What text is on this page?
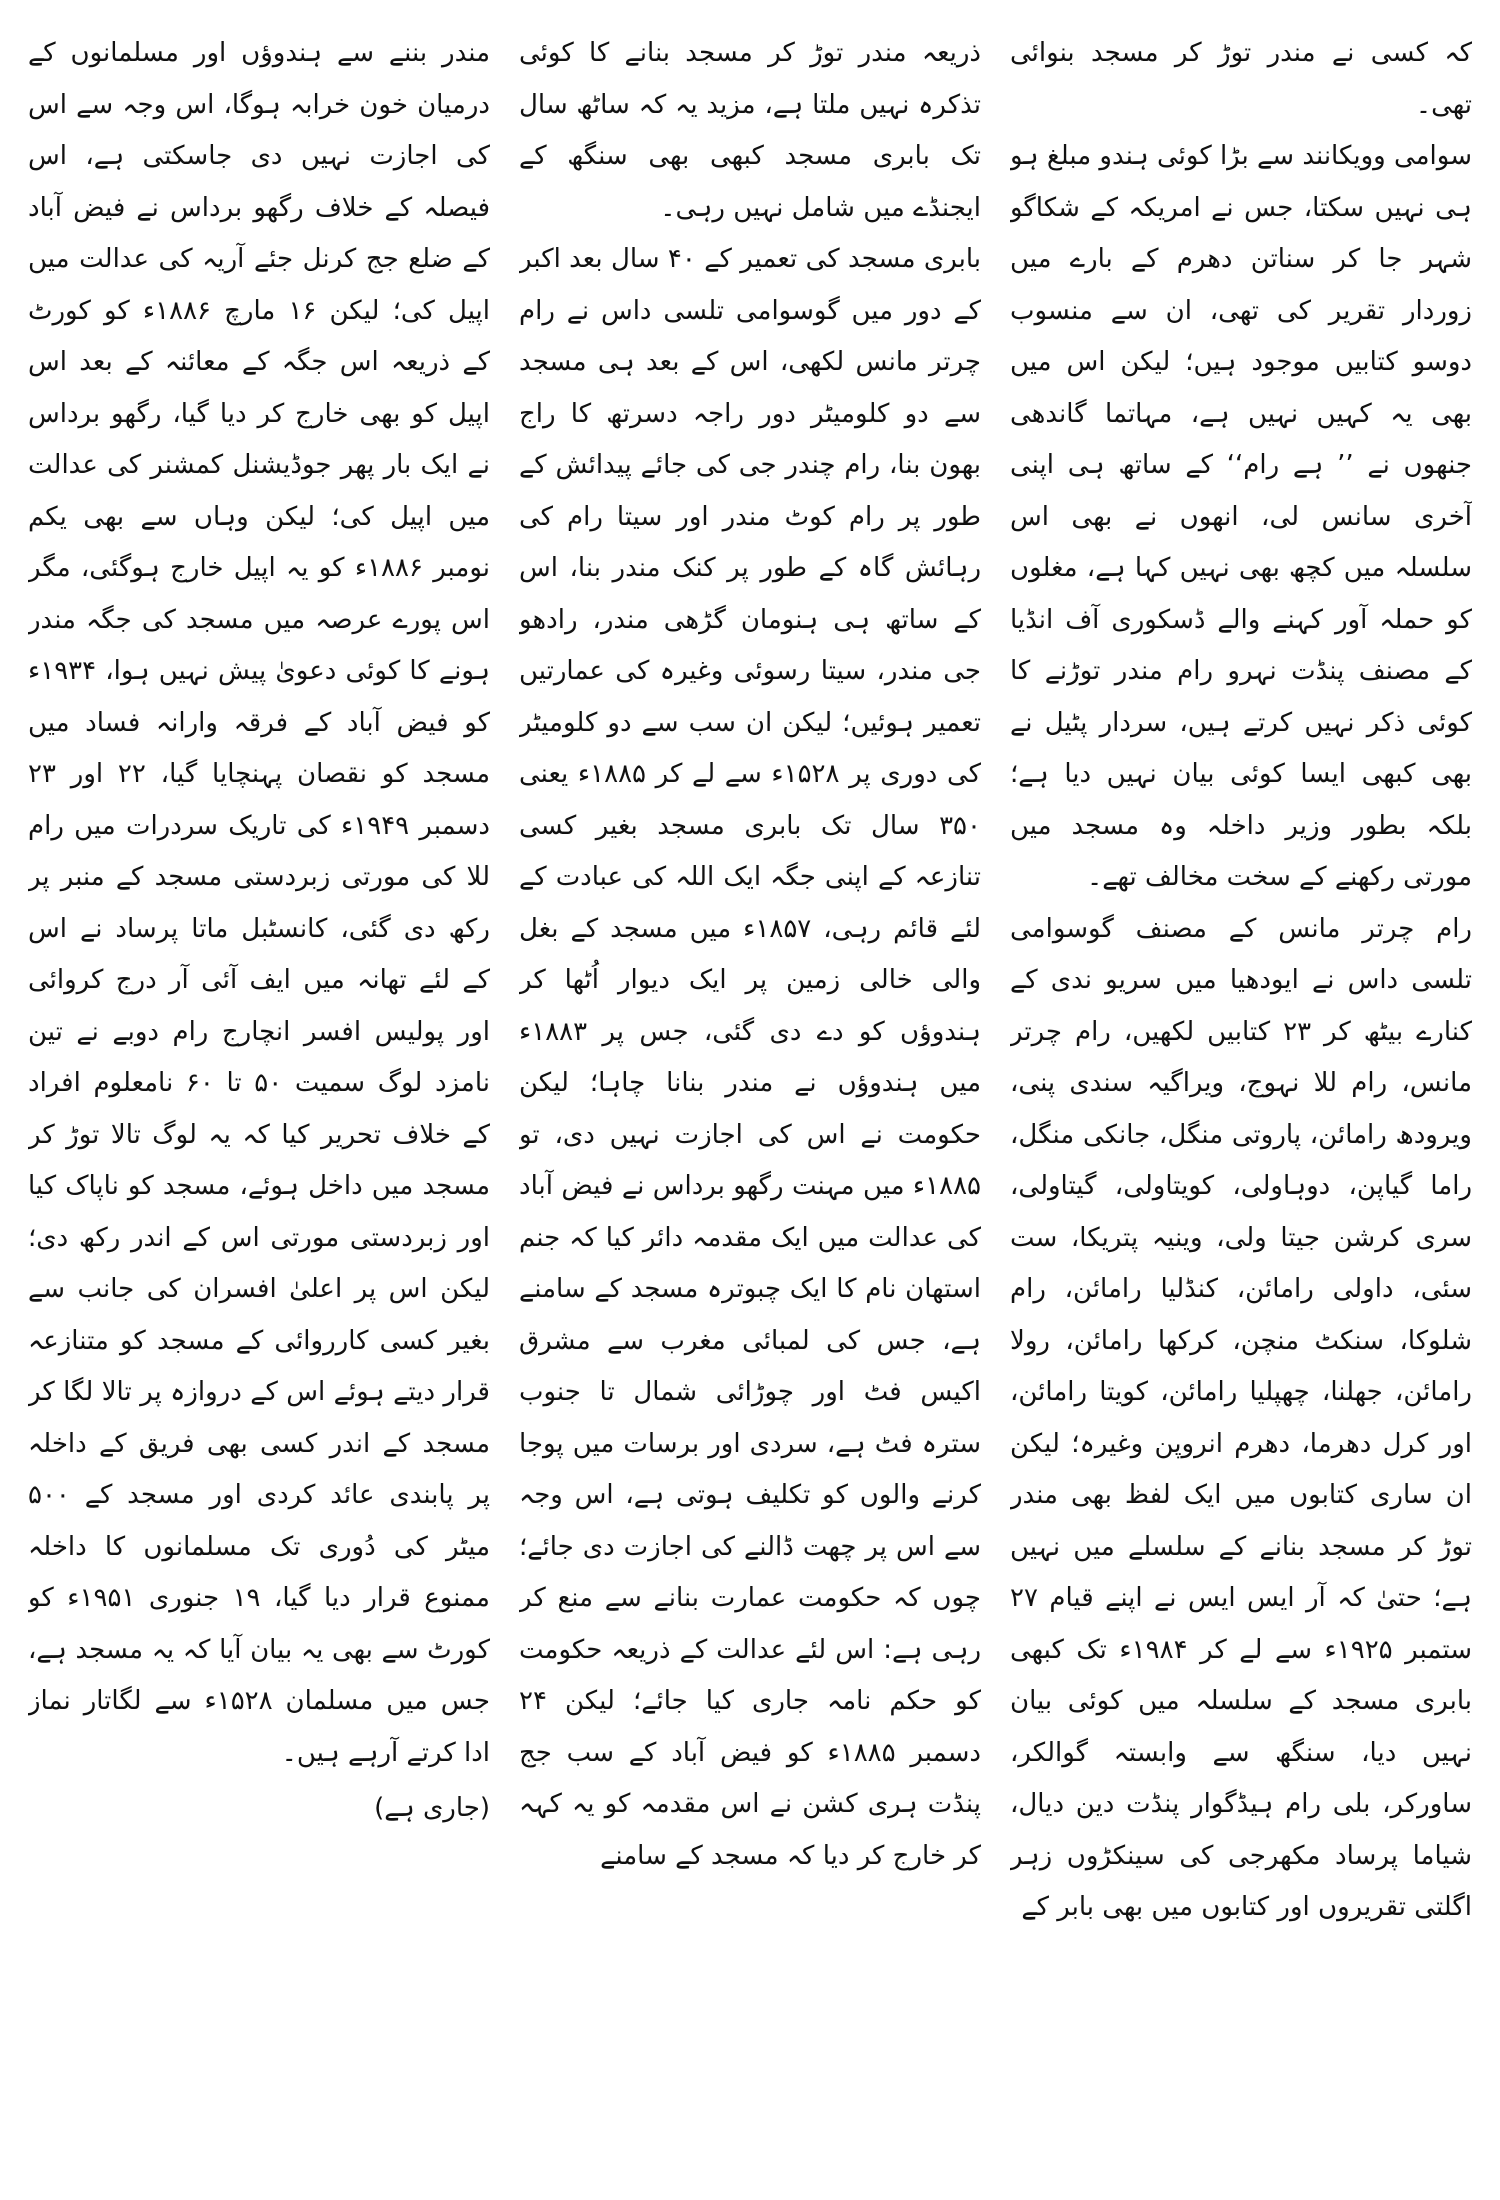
کہ کسی نے مندر توڑ کر مسجد بنوائی تھی۔

سوامی وویکانند سے بڑا کوئی ہندو مبلغ ہو ہی نہیں سکتا، جس نے امریکہ کے شکاگو شہر جا کر سناتن دھرم کے بارے میں زوردار تقریر کی تھی، ان سے منسوب دوسو کتابیں موجود ہیں؛ لیکن اس میں بھی یہ کہیں نہیں ہے، مہاتما گاندھی جنھوں نے ’’ ہے رام‘‘ کے ساتھ ہی اپنی آخری سانس لی، انھوں نے بھی اس سلسلہ میں کچھ بھی نہیں کہا ہے، مغلوں کو حملہ آور کہنے والے ڈسکوری آف انڈیا کے مصنف پنڈت نہرو رام مندر توڑنے کا کوئی ذکر نہیں کرتے ہیں، سردار پٹیل نے بھی کبھی ایسا کوئی بیان نہیں دیا ہے؛ بلکہ بطور وزیر داخلہ وہ مسجد میں مورتی رکھنے کے سخت مخالف تھے۔

رام چرتر مانس کے مصنف گوسوامی تلسی داس نے ایودھیا میں سریو ندی کے کنارے بیٹھ کر ۲۳ کتابیں لکھیں، رام چرتر مانس، رام للا نہوج، ویراگیہ سندی پنی، ویرودھ رامائن، پاروتی منگل، جانکی منگل، راما گیاپن، دوہاولی، کویتاولی، گیتاولی، سری کرشن جیتا ولی، وینیہ پتریکا، ست سئی، داولی رامائن، کنڈلیا رامائن، رام شلوکا، سنکٹ منچن، کرکھا رامائن، رولا رامائن، جھلنا، چھپلیا رامائن، کویتا رامائن، اور کرل دھرما، دھرم انروپن وغیرہ؛ لیکن ان ساری کتابوں میں ایک لفظ بھی مندر توڑ کر مسجد بنانے کے سلسلے میں نہیں ہے؛ حتیٰ کہ آر ایس ایس نے اپنے قیام ۲۷ ستمبر ۱۹۲۵ء سے لے کر ۱۹۸۴ء تک کبھی بابری مسجد کے سلسلہ میں کوئی بیان نہیں دیا، سنگھ سے وابستہ گوالکر، ساورکر، بلی رام ہیڈگوار پنڈت دین دیال، شیاما پرساد مکھرجی کی سینکڑوں زہر اگلتی تقریروں اور کتابوں میں بھی بابر کے

ذریعہ مندر توڑ کر مسجد بنانے کا کوئی تذکرہ نہیں ملتا ہے، مزید یہ کہ ساٹھ سال تک بابری مسجد کبھی بھی سنگھ کے ایجنڈے میں شامل نہیں رہی۔

بابری مسجد کی تعمیر کے ۴۰ سال بعد اکبر کے دور میں گوسوامی تلسی داس نے رام چرتر مانس لکھی، اس کے بعد ہی مسجد سے دو کلومیٹر دور راجہ دسرتھ کا راج بھون بنا، رام چندر جی کی جائے پیدائش کے طور پر رام کوٹ مندر اور سیتا رام کی رہائش گاہ کے طور پر کنک مندر بنا، اس کے ساتھ ہی ہنومان گڑھی مندر، رادھو جی مندر، سیتا رسوئی وغیرہ کی عمارتیں تعمیر ہوئیں؛ لیکن ان سب سے دو کلومیٹر کی دوری پر ۱۵۲۸ء سے لے کر ۱۸۸۵ء یعنی ۳۵۰ سال تک بابری مسجد بغیر کسی تنازعہ کے اپنی جگہ ایک اللہ کی عبادت کے لئے قائم رہی، ۱۸۵۷ء میں مسجد کے بغل والی خالی زمین پر ایک دیوار اُٹھا کر ہندوؤں کو دے دی گئی، جس پر ۱۸۸۳ء میں ہندوؤں نے مندر بنانا چاہا؛ لیکن حکومت نے اس کی اجازت نہیں دی، تو ۱۸۸۵ء میں مہنت رگھو برداس نے فیض آباد کی عدالت میں ایک مقدمہ دائر کیا کہ جنم استھان نام کا ایک چبوترہ مسجد کے سامنے ہے، جس کی لمبائی مغرب سے مشرق اکیس فٹ اور چوڑائی شمال تا جنوب سترہ فٹ ہے، سردی اور برسات میں پوجا کرنے والوں کو تکلیف ہوتی ہے، اس وجہ سے اس پر چھت ڈالنے کی اجازت دی جائے؛ چوں کہ حکومت عمارت بنانے سے منع کر رہی ہے: اس لئے عدالت کے ذریعہ حکومت کو حکم نامہ جاری کیا جائے؛ لیکن ۲۴ دسمبر ۱۸۸۵ء کو فیض آباد کے سب جج پنڈت ہری کشن نے اس مقدمہ کو یہ کہہ کر خارج کر دیا کہ مسجد کے سامنے

مندر بننے سے ہندوؤں اور مسلمانوں کے درمیان خون خرابہ ہوگا، اس وجہ سے اس کی اجازت نہیں دی جاسکتی ہے، اس فیصلہ کے خلاف رگھو برداس نے فیض آباد کے ضلع جج کرنل جئے آریہ کی عدالت میں اپیل کی؛ لیکن ۱۶ مارچ ۱۸۸۶ء کو کورٹ کے ذریعہ اس جگہ کے معائنہ کے بعد اس اپیل کو بھی خارج کر دیا گیا، رگھو برداس نے ایک بار پھر جوڈیشنل کمشنر کی عدالت میں اپیل کی؛ لیکن وہاں سے بھی یکم نومبر ۱۸۸۶ء کو یہ اپیل خارج ہوگئی، مگر اس پورے عرصہ میں مسجد کی جگہ مندر ہونے کا کوئی دعویٰ پیش نہیں ہوا، ۱۹۳۴ء کو فیض آباد کے فرقہ وارانہ فساد میں مسجد کو نقصان پہنچایا گیا، ۲۲ اور ۲۳ دسمبر ۱۹۴۹ء کی تاریک سردرات میں رام للا کی مورتی زبردستی مسجد کے منبر پر رکھ دی گئی، کانسٹبل ماتا پرساد نے اس کے لئے تھانہ میں ایف آئی آر درج کروائی اور پولیس افسر انچارج رام دوبے نے تین نامزد لوگ سمیت ۵۰ تا ۶۰ نامعلوم افراد کے خلاف تحریر کیا کہ یہ لوگ تالا توڑ کر مسجد میں داخل ہوئے، مسجد کو ناپاک کیا اور زبردستی مورتی اس کے اندر رکھ دی؛ لیکن اس پر اعلیٰ افسران کی جانب سے بغیر کسی کارروائی کے مسجد کو متنازعہ قرار دیتے ہوئے اس کے دروازہ پر تالا لگا کر مسجد کے اندر کسی بھی فریق کے داخلہ پر پابندی عائد کردی اور مسجد کے ۵۰۰ میٹر کی دُوری تک مسلمانوں کا داخلہ ممنوع قرار دیا گیا، ۱۹ جنوری ۱۹۵۱ء کو کورٹ سے بھی یہ بیان آیا کہ یہ مسجد ہے، جس میں مسلمان ۱۵۲۸ء سے لگاتار نماز ادا کرتے آرہے ہیں۔

(جاری ہے)
